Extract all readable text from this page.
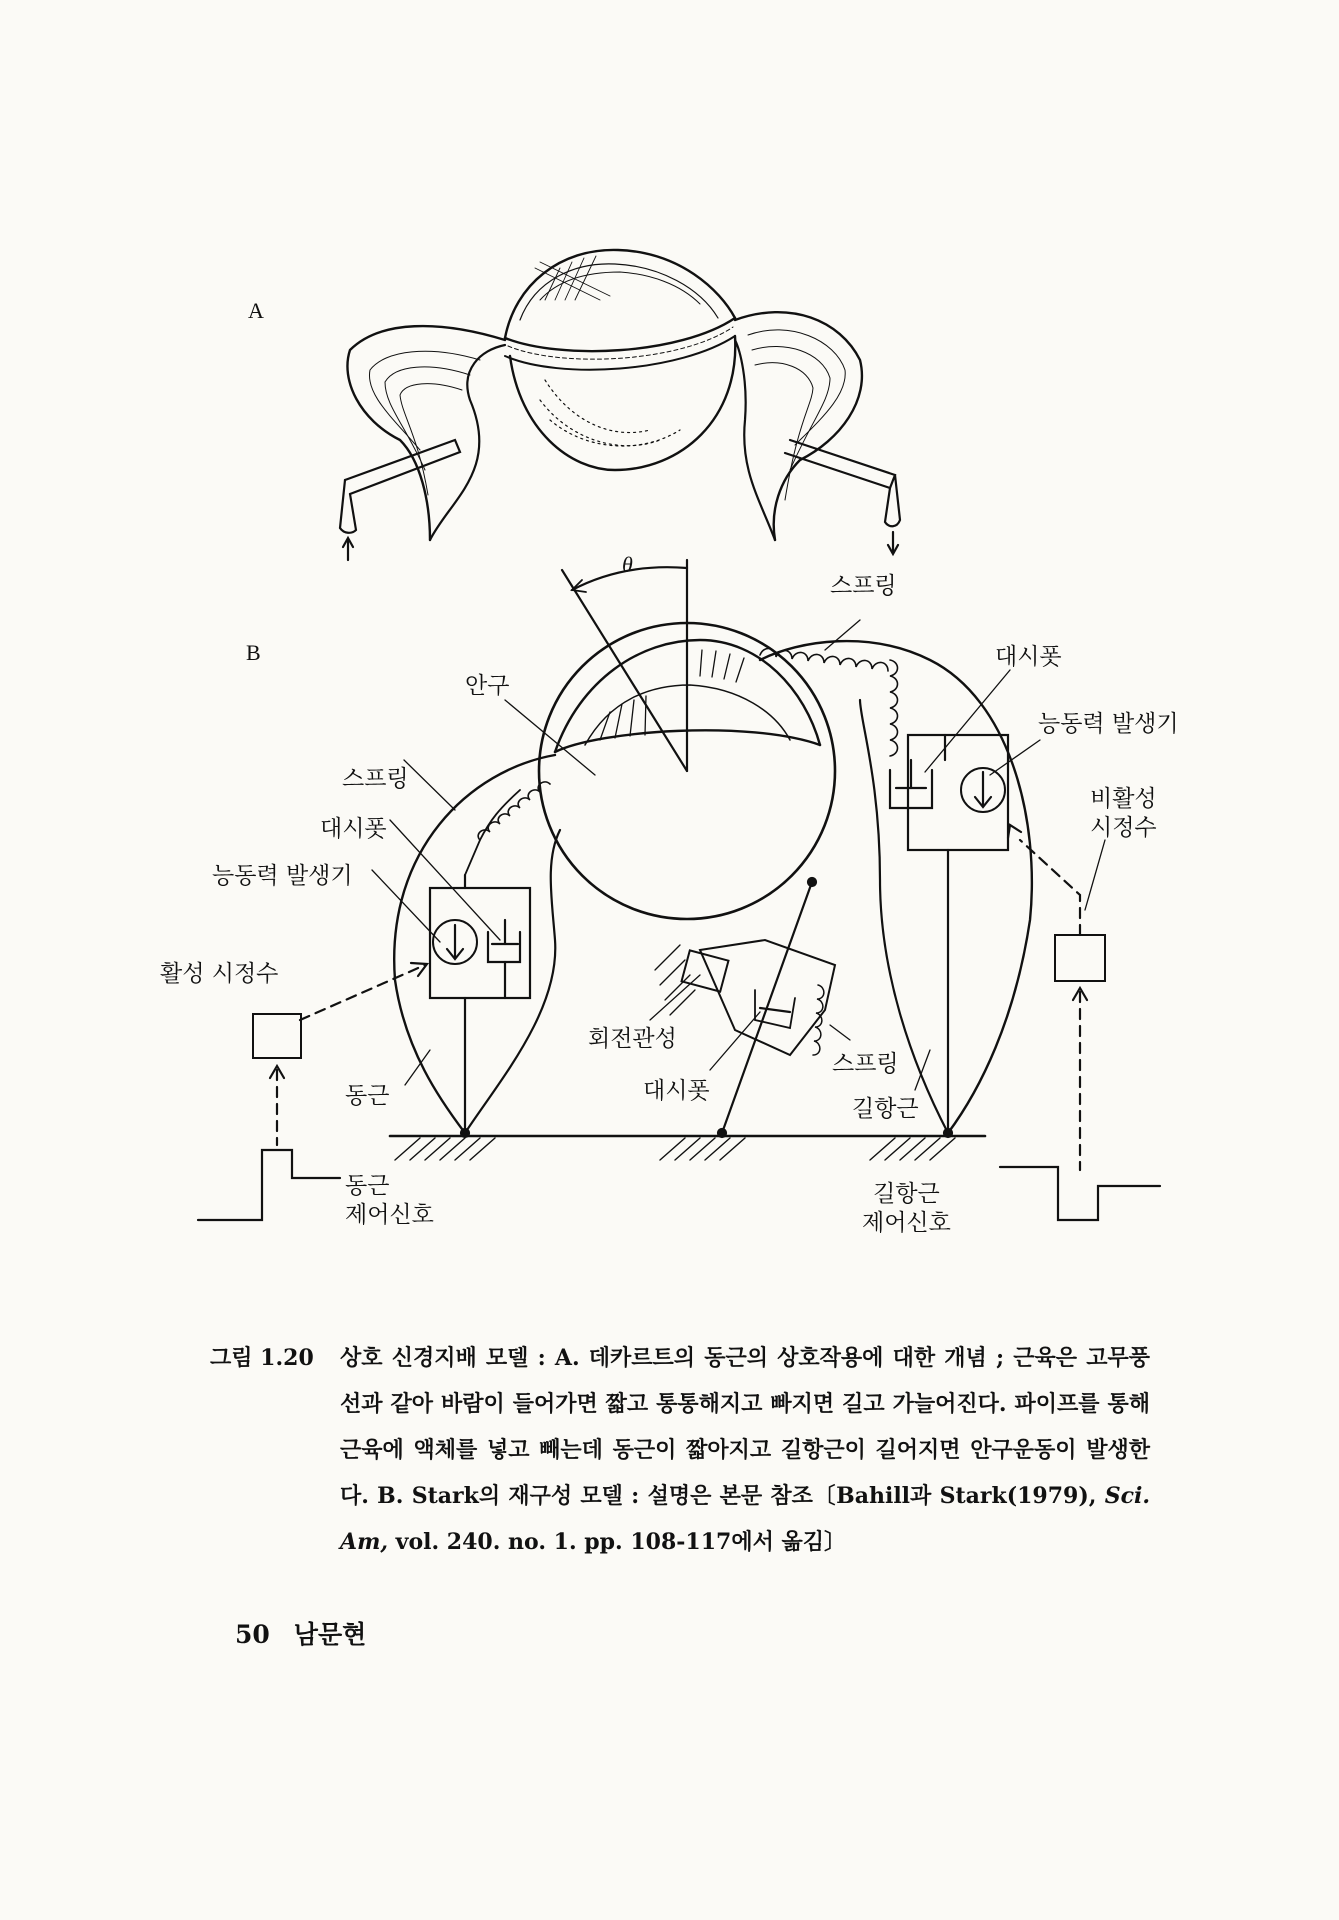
A
B
θ
스프링
대시폿
능동력 발생기
비활성
시정수
안구
스프링
대시폿
능동력 발생기
활성 시정수
동근
회전관성
대시폿
스프링
길항근
동근
제어신호
길항근
제어신호
그림 1.20 상호 신경지배 모델 : A. 데카르트의 동근의 상호작용에 대한 개념 ; 근육은 고무풍선과 같아 바람이 들어가면 짧고 통통해지고 빠지면 길고 가늘어진다. 파이프를 통해 근육에 액체를 넣고 빼는데 동근이 짧아지고 길항근이 길어지면 안구운동이 발생한다. B. Stark의 재구성 모델 : 설명은 본문 참조〔Bahill과 Stark(1979), Sci. Am, vol. 240. no. 1. pp. 108-117에서 옮김〕
50 남문현
